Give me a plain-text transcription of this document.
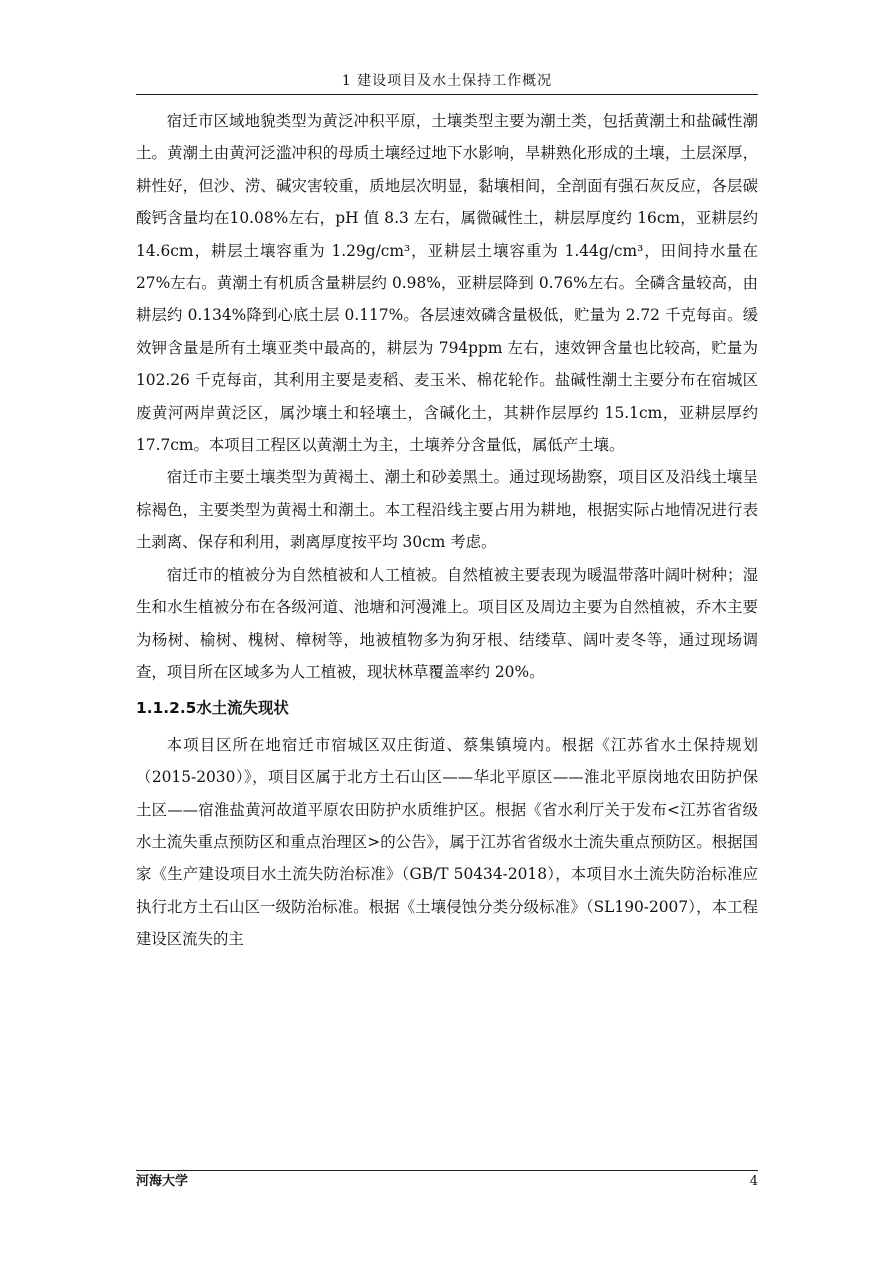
1 建设项目及水土保持工作概况

宿迁市区域地貌类型为黄泛冲积平原，土壤类型主要为潮土类，包括黄潮土和盐碱性潮土。黄潮土由黄河泛滥冲积的母质土壤经过地下水影响，旱耕熟化形成的土壤，土层深厚，耕性好，但沙、涝、碱灾害较重，质地层次明显，黏壤相间，全剖面有强石灰反应，各层碳酸钙含量均在10.08%左右，pH 值 8.3 左右，属微碱性土，耕层厚度约 16cm，亚耕层约 14.6cm，耕层土壤容重为 1.29g/cm³，亚耕层土壤容重为 1.44g/cm³，田间持水量在 27%左右。黄潮土有机质含量耕层约 0.98%，亚耕层降到 0.76%左右。全磷含量较高，由耕层约 0.134%降到心底土层 0.117%。各层速效磷含量极低，贮量为 2.72 千克每亩。缓效钾含量是所有土壤亚类中最高的，耕层为 794ppm 左右，速效钾含量也比较高，贮量为 102.26 千克每亩，其利用主要是麦稻、麦玉米、棉花轮作。盐碱性潮土主要分布在宿城区废黄河两岸黄泛区，属沙壤土和轻壤土，含碱化土，其耕作层厚约 15.1cm，亚耕层厚约 17.7cm。本项目工程区以黄潮土为主，土壤养分含量低，属低产土壤。

宿迁市主要土壤类型为黄褐土、潮土和砂姜黑土。通过现场勘察，项目区及沿线土壤呈棕褐色，主要类型为黄褐土和潮土。本工程沿线主要占用为耕地，根据实际占地情况进行表土剥离、保存和利用，剥离厚度按平均 30cm 考虑。

宿迁市的植被分为自然植被和人工植被。自然植被主要表现为暖温带落叶阔叶树种；湿生和水生植被分布在各级河道、池塘和河漫滩上。项目区及周边主要为自然植被，乔木主要为杨树、榆树、槐树、樟树等，地被植物多为狗牙根、结缕草、阔叶麦冬等，通过现场调查，项目所在区域多为人工植被，现状林草覆盖率约 20%。

1.1.2.5水土流失现状

本项目区所在地宿迁市宿城区双庄街道、蔡集镇境内。根据《江苏省水土保持规划（2015-2030）》，项目区属于北方土石山区——华北平原区——淮北平原岗地农田防护保土区——宿淮盐黄河故道平原农田防护水质维护区。根据《省水利厅关于发布<江苏省省级水土流失重点预防区和重点治理区>的公告》，属于江苏省省级水土流失重点预防区。根据国家《生产建设项目水土流失防治标准》（GB/T 50434-2018），本项目水土流失防治标准应执行北方土石山区一级防治标准。根据《土壤侵蚀分类分级标准》（SL190-2007），本工程建设区流失的主

河海大学	4
